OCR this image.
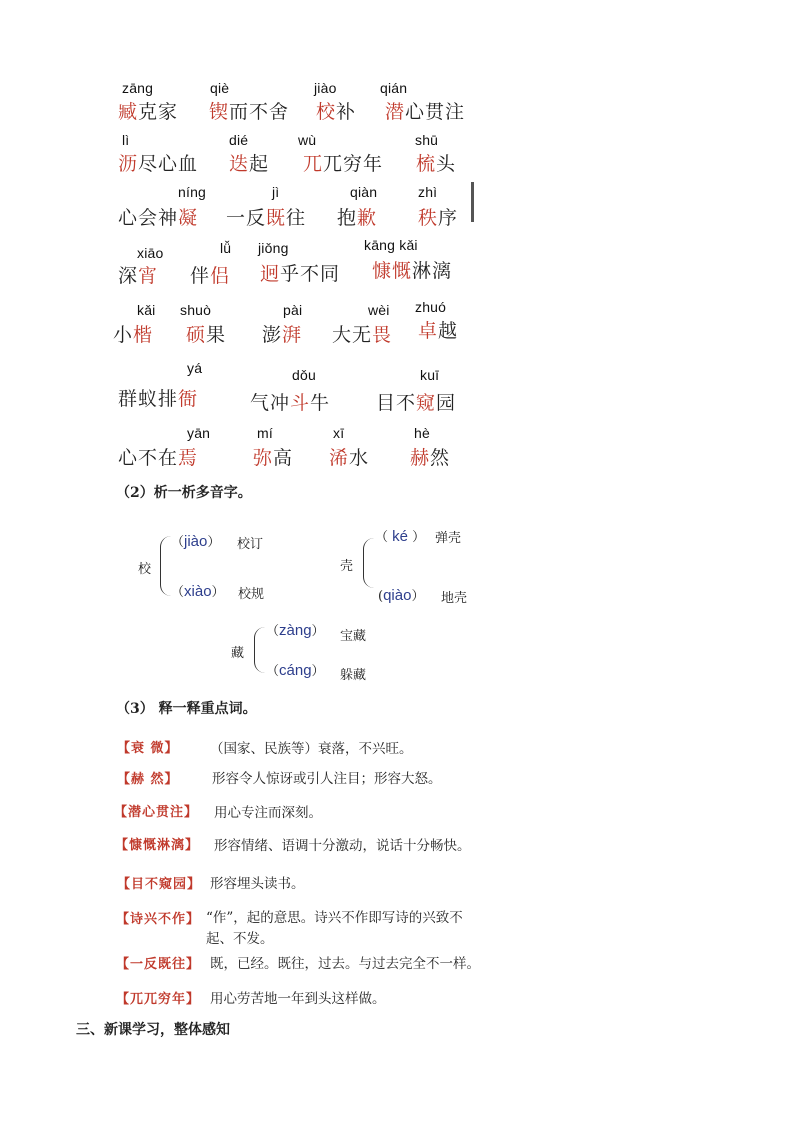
zāng
臧克家
qiè
锲而不舍
jiào
校补
qián
潜心贯注
lì
沥尽心血
dié
迭起
wù
兀兀穷年
shū
梳头
níng
心会神凝
jì
一反既往
qiàn
抱歉
zhì
秩序
xiāo
深宵
lǚ
伴侣
jiǒng
迥乎不同
kāng kǎi
慷慨淋漓
kǎi
小楷
shuò
硕果
pài
澎湃
wèi
大无畏
zhuó
卓越
yá
群蚁排衙
dǒu
气冲斗牛
kuī
目不窥园
yān
心不在焉
mí
弥高
xī
浠水
hè
赫然
（2）析一析多音字。
校
（jiào） 校订
（xiào） 校规
壳
（ ké ） 弹壳
(qiào） 地壳
藏
（zàng） 宝藏
（cáng） 躲藏
（3） 释一释重点词。
【衰 微】 （国家、民族等）衰落，不兴旺。
【赫 然】 形容令人惊讶或引人注目；形容大怒。
【潜心贯注】 用心专注而深刻。
【慷慨淋漓】 形容情绪、语调十分激动，说话十分畅快。
【目不窥园】 形容埋头读书。
【诗兴不作】 “作”，起的意思。诗兴不作即写诗的兴致不
起、不发。
【一反既往】 既，已经。既往，过去。与过去完全不一样。
【兀兀穷年】 用心劳苦地一年到头这样做。
三、新课学习，整体感知
